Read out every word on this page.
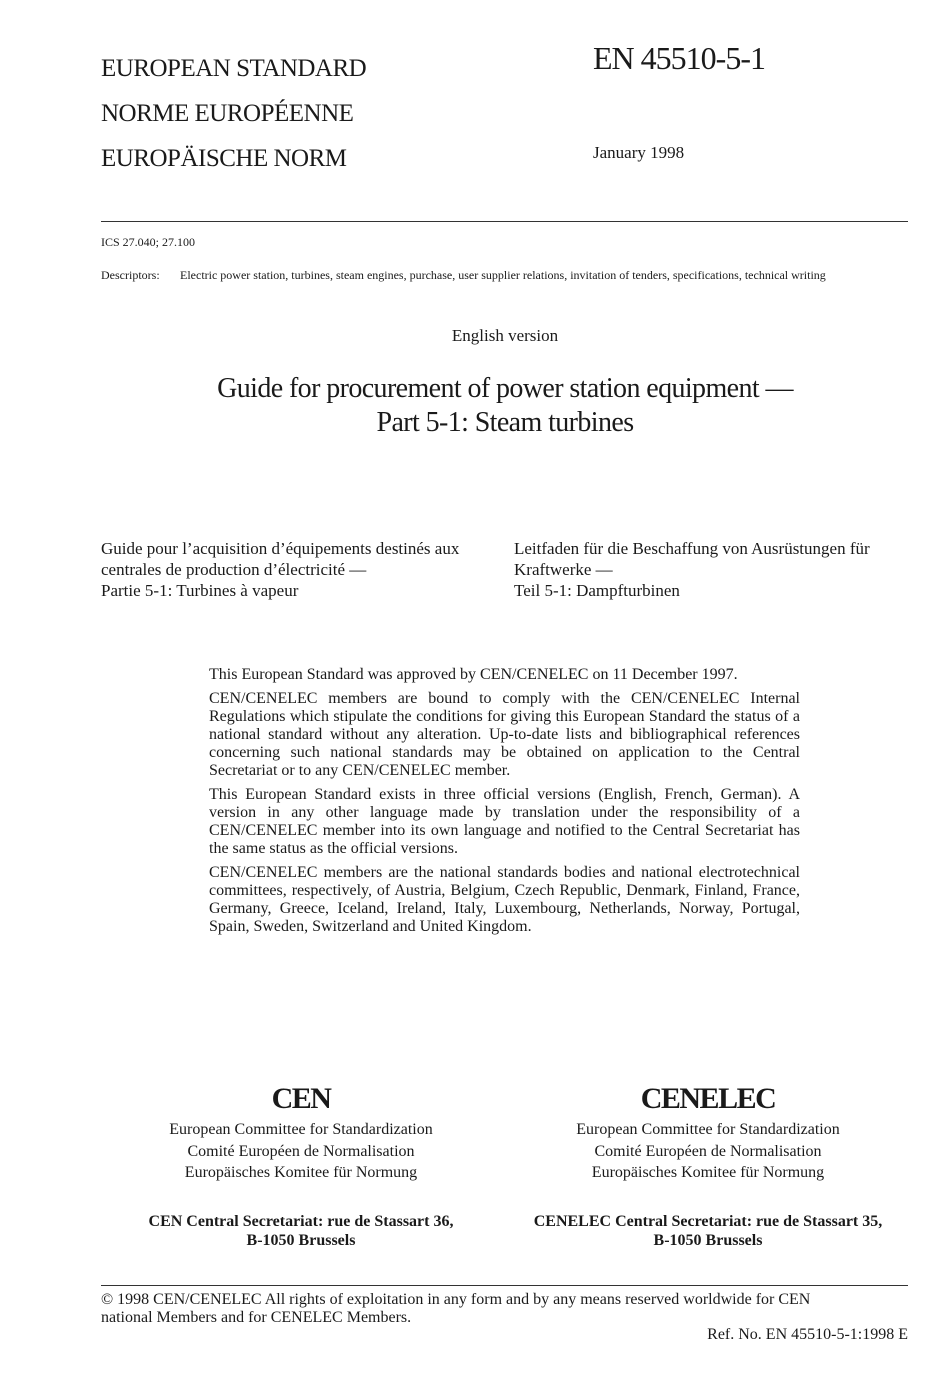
EUROPEAN STANDARD
NORME EUROPÉENNE
EUROPÄISCHE NORM
EN 45510-5-1
January 1998
ICS 27.040; 27.100
Descriptors:	Electric power station, turbines, steam engines, purchase, user supplier relations, invitation of tenders, specifications, technical writing
English version
Guide for procurement of power station equipment —
Part 5-1: Steam turbines
Guide pour l’acquisition d’équipements destinés aux
centrales de production d’électricité —
Partie 5-1: Turbines à vapeur
Leitfaden für die Beschaffung von Ausrüstungen für
Kraftwerke —
Teil 5-1: Dampfturbinen

This European Standard was approved by CEN/CENELEC on 11 December 1997.

CEN/CENELEC members are bound to comply with the CEN/CENELEC Internal Regulations which stipulate the conditions for giving this European Standard the status of a national standard without any alteration. Up-to-date lists and bibliographical references concerning such national standards may be obtained on application to the Central Secretariat or to any CEN/CENELEC member.

This European Standard exists in three official versions (English, French, German). A version in any other language made by translation under the responsibility of a CEN/CENELEC member into its own language and notified to the Central Secretariat has the same status as the official versions.

CEN/CENELEC members are the national standards bodies and national electrotechnical committees, respectively, of Austria, Belgium, Czech Republic, Denmark, Finland, France, Germany, Greece, Iceland, Ireland, Italy, Luxembourg, Netherlands, Norway, Portugal, Spain, Sweden, Switzerland and United Kingdom.

CEN
European Committee for Standardization
Comité Européen de Normalisation
Europäisches Komitee für Normung
CENELEC
European Committee for Standardization
Comité Européen de Normalisation
Europäisches Komitee für Normung
CEN Central Secretariat: rue de Stassart 36,
B-1050 Brussels
CENELEC Central Secretariat: rue de Stassart 35,
B-1050 Brussels
© 1998 CEN/CENELEC All rights of exploitation in any form and by any means reserved worldwide for CEN
national Members and for CENELEC Members.
Ref. No. EN 45510-5-1:1998 E
